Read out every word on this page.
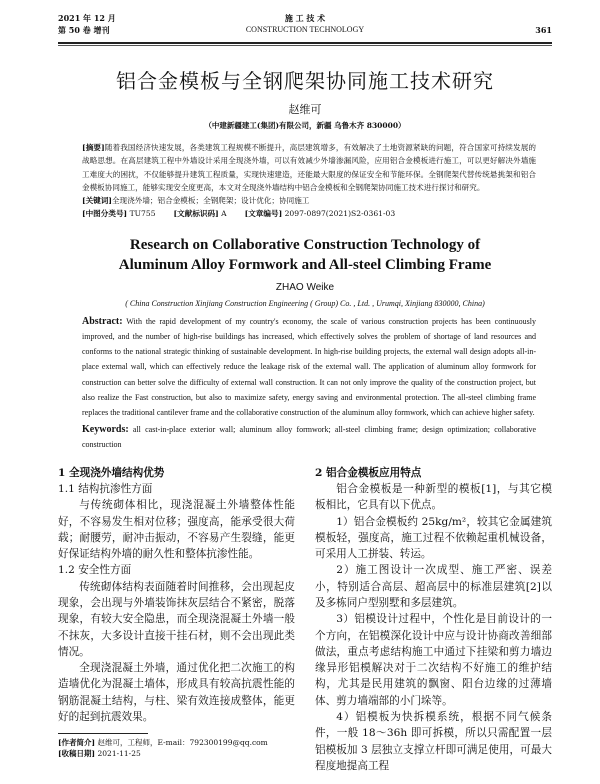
2021 年 12 月
第 50 卷 增刊
施 工 技 术
CONSTRUCTION TECHNOLOGY	361
铝合金模板与全钢爬架协同施工技术研究
赵维可
（中建新疆建工(集团)有限公司，新疆 乌鲁木齐 830000）
[摘要]随着我国经济快速发展，各类建筑工程规模不断提升，高层建筑增多，有效解决了土地资源紧缺的问题，符合国家可持续发展的战略思想。在高层建筑工程中外墙设计采用全现浇外墙，可以有效减少外墙渗漏风险，应用铝合金模板进行施工，可以更好解决外墙施工难度大的困扰，不仅能够提升建筑工程质量，实现快速建造，还能最大限度的保证安全和节能环保。全钢爬架代替传统悬挑架和铝合金模板协同施工，能够实现安全度更高，本文对全现浇外墙结构中铝合金模板和全钢爬架协同施工技术进行探讨和研究。
[关键词]全现浇外墙；铝合金模板；全钢爬架；设计优化；协同施工
[中图分类号] TU755 [文献标识码] A [文章编号] 2097-0897(2021)S2-0361-03
Research on Collaborative Construction Technology of Aluminum Alloy Formwork and All-steel Climbing Frame
ZHAO Weike
( China Construction Xinjiang Construction Engineering ( Group) Co. , Ltd. , Urumqi, Xinjiang 830000, China)
Abstract: With the rapid development of my country's economy, the scale of various construction projects has been continuously improved, and the number of high-rise buildings has increased, which effectively solves the problem of shortage of land resources and conforms to the national strategic thinking of sustainable development. In high-rise building projects, the external wall design adopts all-in-place external wall, which can effectively reduce the leakage risk of the external wall. The application of aluminum alloy formwork for construction can better solve the difficulty of external wall construction. It can not only improve the quality of the construction project, but also realize the Fast construction, but also to maximize safety, energy saving and environmental protection. The all-steel climbing frame replaces the traditional cantilever frame and the collaborative construction of the aluminum alloy formwork, which can achieve higher safety.
Keywords: all cast-in-place exterior wall; aluminum alloy formwork; all-steel climbing frame; design optimization; collaborative construction
1 全现浇外墙结构优势
1.1 结构抗渗性方面

与传统砌体相比，现浇混凝土外墙整体性能好，不容易发生相对位移；强度高，能承受很大荷载；耐腰劳，耐冲击振动，不容易产生裂缝，能更好保证结构外墙的耐久性和整体抗渗性能。

1.2 安全性方面

传统砌体结构表面随着时间推移，会出现起皮现象，会出现与外墙装饰抹灰层结合不紧密，脱落现象，有较大安全隐患，而全现浇混凝土外墙一般不抹灰，大多设计直接干挂石材，则不会出现此类情况。

全现浇混凝土外墙，通过优化把二次施工的构造墙优化为混凝土墙体，形成具有较高抗震性能的钢筋混凝土结构，与柱、梁有效连接成整体，能更好的起到抗震效果。

[作者简介] 赵维可，工程师，E-mail：792300199@qq.com
[收稿日期] 2021-11-25
2 铝合金模板应用特点

铝合金模板是一种新型的模板[1]，与其它模板相比，它具有以下优点。

1）铝合金模板约 25kg/m²，较其它金属建筑模板轻，强度高，施工过程不依赖起重机械设备，可采用人工拼装、转运。

2）施工图设计一次成型、施工严密、误差小，特别适合高层、超高层中的标准层建筑[2]以及多栋同户型别墅和多层建筑。

3）铝模设计过程中，个性化是目前设计的一个方向，在铝模深化设计中应与设计协商改善细部做法，重点考虑结构施工中通过下挂梁和剪力墙边缘异形铝模解决对于二次结构不好施工的维护结构，尤其是民用建筑的飘窗、阳台边缘的过薄墙体、剪力墙端部的小门垛等。

4）铝模板为快拆模系统，根据不同气候条件，一般 18～36h 即可拆模，所以只需配置一层铝模板加 3 层独立支撑立杆即可满足使用，可最大程度地提高工程
